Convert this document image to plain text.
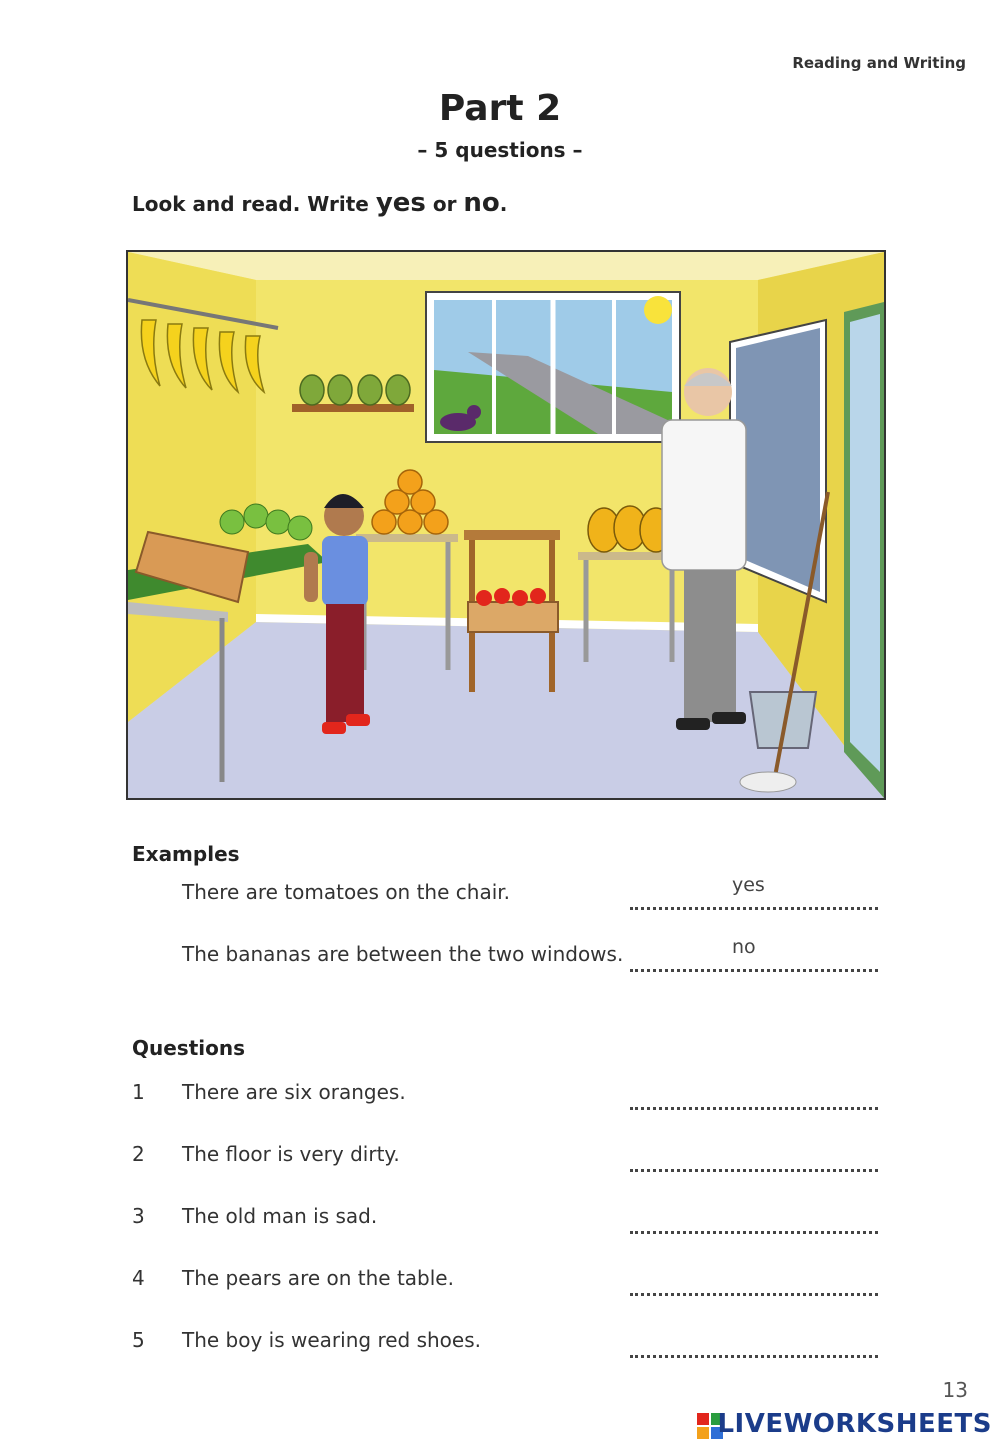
Reading and Writing
Part 2
– 5 questions –
Look and read. Write yes or no.
Examples
There are tomatoes on the chair.	yes
The bananas are between the two windows.	no
Questions
1 There are six oranges.
2 The floor is very dirty.
3 The old man is sad.
4 The pears are on the table.
5 The boy is wearing red shoes.
13
LIVEWORKSHEETS
